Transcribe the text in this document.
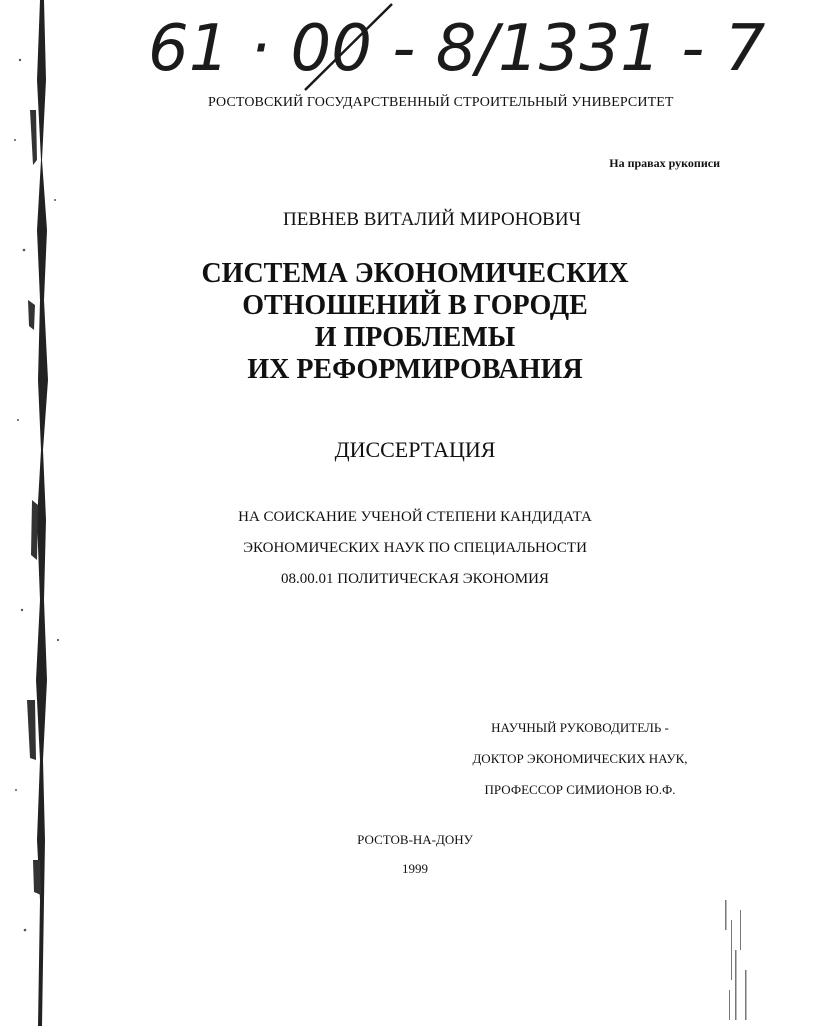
61 · 00 - 8/1331 - 7
РОСТОВСКИЙ ГОСУДАРСТВЕННЫЙ СТРОИТЕЛЬНЫЙ УНИВЕРСИТЕТ
На правах рукописи
ПЕВНЕВ ВИТАЛИЙ МИРОНОВИЧ
СИСТЕМА ЭКОНОМИЧЕСКИХ
ОТНОШЕНИЙ В ГОРОДЕ
И ПРОБЛЕМЫ
ИХ РЕФОРМИРОВАНИЯ
ДИССЕРТАЦИЯ
НА СОИСКАНИЕ УЧЕНОЙ СТЕПЕНИ КАНДИДАТА
ЭКОНОМИЧЕСКИХ НАУК ПО СПЕЦИАЛЬНОСТИ
08.00.01 ПОЛИТИЧЕСКАЯ ЭКОНОМИЯ
НАУЧНЫЙ РУКОВОДИТЕЛЬ -
ДОКТОР ЭКОНОМИЧЕСКИХ НАУК,
ПРОФЕССОР СИМИОНОВ Ю.Ф.
РОСТОВ-НА-ДОНУ
1999
